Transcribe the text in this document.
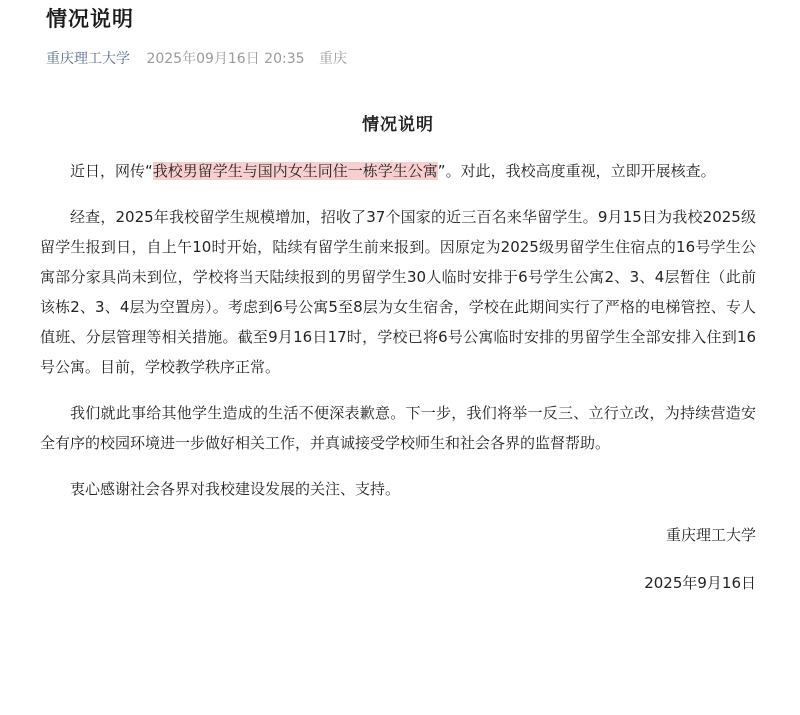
情况说明
重庆理工大学 2025年09月16日 20:35 重庆
情况说明

近日，网传“我校男留学生与国内女生同住一栋学生公寓”。对此，我校高度重视，立即开展核查。

经查，2025年我校留学生规模增加，招收了37个国家的近三百名来华留学生。9月15日为我校2025级留学生报到日，自上午10时开始，陆续有留学生前来报到。因原定为2025级男留学生住宿点的16号学生公寓部分家具尚未到位，学校将当天陆续报到的男留学生30人临时安排于6号学生公寓2、3、4层暂住（此前该栋2、3、4层为空置房）。考虑到6号公寓5至8层为女生宿舍，学校在此期间实行了严格的电梯管控、专人值班、分层管理等相关措施。截至9月16日17时，学校已将6号公寓临时安排的男留学生全部安排入住到16号公寓。目前，学校教学秩序正常。

我们就此事给其他学生造成的生活不便深表歉意。下一步，我们将举一反三、立行立改，为持续营造安全有序的校园环境进一步做好相关工作，并真诚接受学校师生和社会各界的监督帮助。

衷心感谢社会各界对我校建设发展的关注、支持。

重庆理工大学

2025年9月16日
